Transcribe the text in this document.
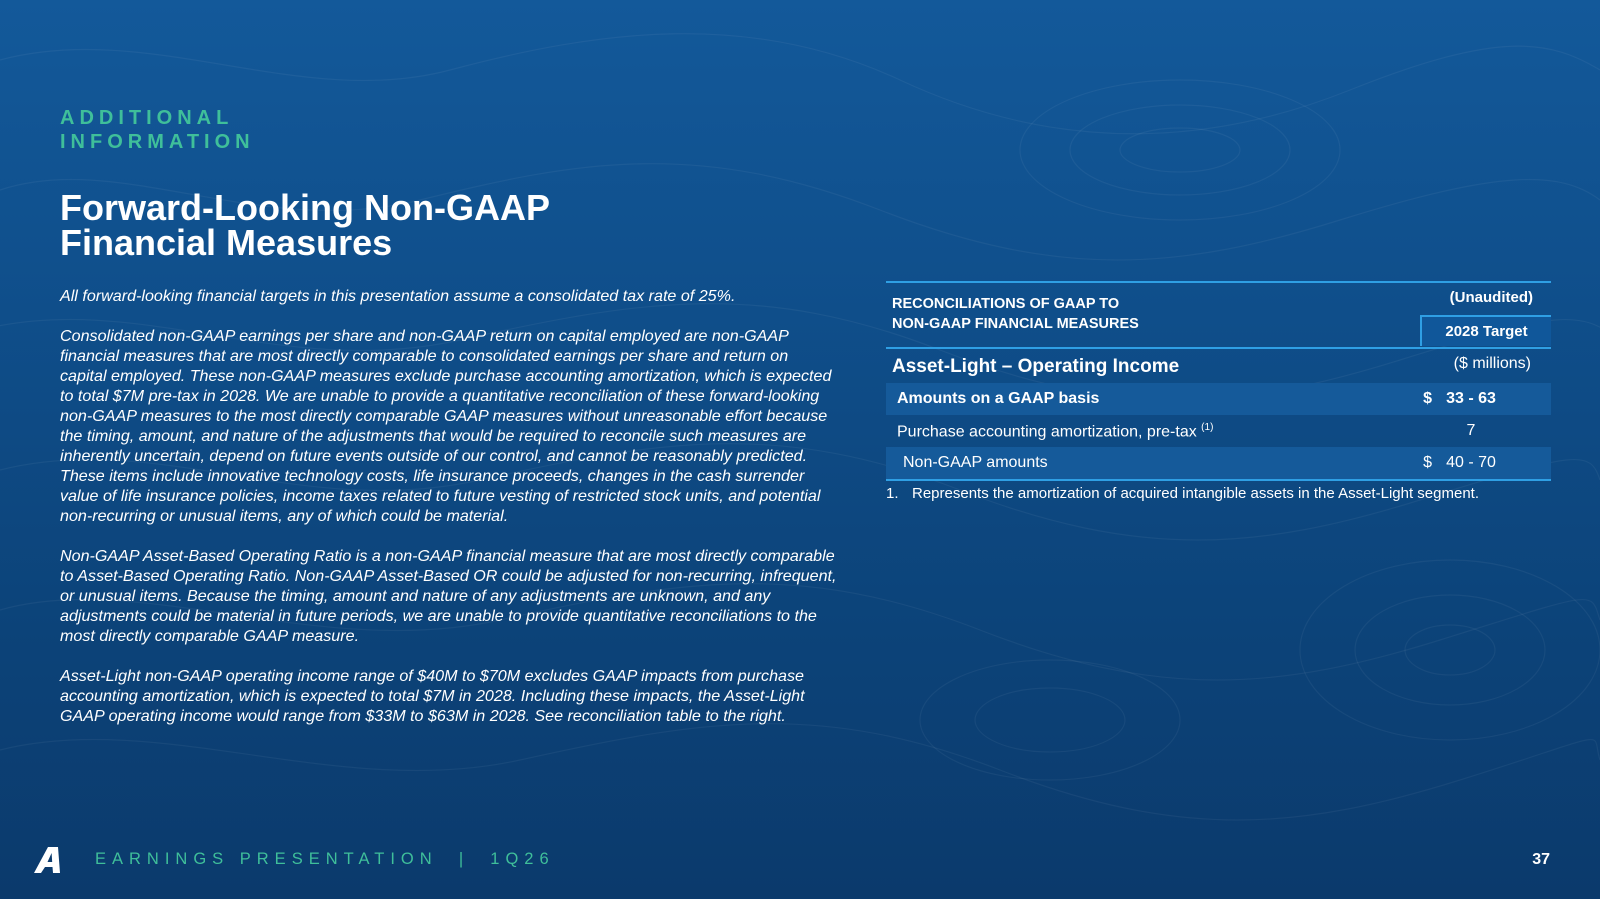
ADDITIONAL
INFORMATION
Forward-Looking Non-GAAP
Financial Measures

All forward-looking financial targets in this presentation assume a consolidated tax rate of 25%.

Consolidated non-GAAP earnings per share and non-GAAP return on capital employed are non-GAAP financial measures that are most directly comparable to consolidated earnings per share and return on capital employed. These non-GAAP measures exclude purchase accounting amortization, which is expected to total $7M pre-tax in 2028. We are unable to provide a quantitative reconciliation of these forward-looking non-GAAP measures to the most directly comparable GAAP measures without unreasonable effort because the timing, amount, and nature of the adjustments that would be required to reconcile such measures are inherently uncertain, depend on future events outside of our control, and cannot be reasonably predicted. These items include innovative technology costs, life insurance proceeds, changes in the cash surrender value of life insurance policies, income taxes related to future vesting of restricted stock units, and potential non-recurring or unusual items, any of which could be material.

Non-GAAP Asset-Based Operating Ratio is a non-GAAP financial measure that are most directly comparable to Asset-Based Operating Ratio. Non-GAAP Asset-Based OR could be adjusted for non-recurring, infrequent, or unusual items. Because the timing, amount and nature of any adjustments are unknown, and any adjustments could be material in future periods, we are unable to provide quantitative reconciliations to the most directly comparable GAAP measure.

Asset-Light non-GAAP operating income range of $40M to $70M excludes GAAP impacts from purchase accounting amortization, which is expected to total $7M in 2028. Including these impacts, the Asset-Light GAAP operating income would range from $33M to $63M in 2028. See reconciliation table to the right.

RECONCILIATIONS OF GAAP TO
NON-GAAP FINANCIAL MEASURES
(Unaudited)
2028 Target
Asset-Light – Operating Income	($ millions)
Amounts on a GAAP basis	$ 33 - 63
Purchase accounting amortization, pre-tax $^{(1)}$	7
Non-GAAP amounts	$ 40 - 70
1. Represents the amortization of acquired intangible assets in the Asset-Light segment.
EARNINGS PRESENTATION  |  1Q26	37
